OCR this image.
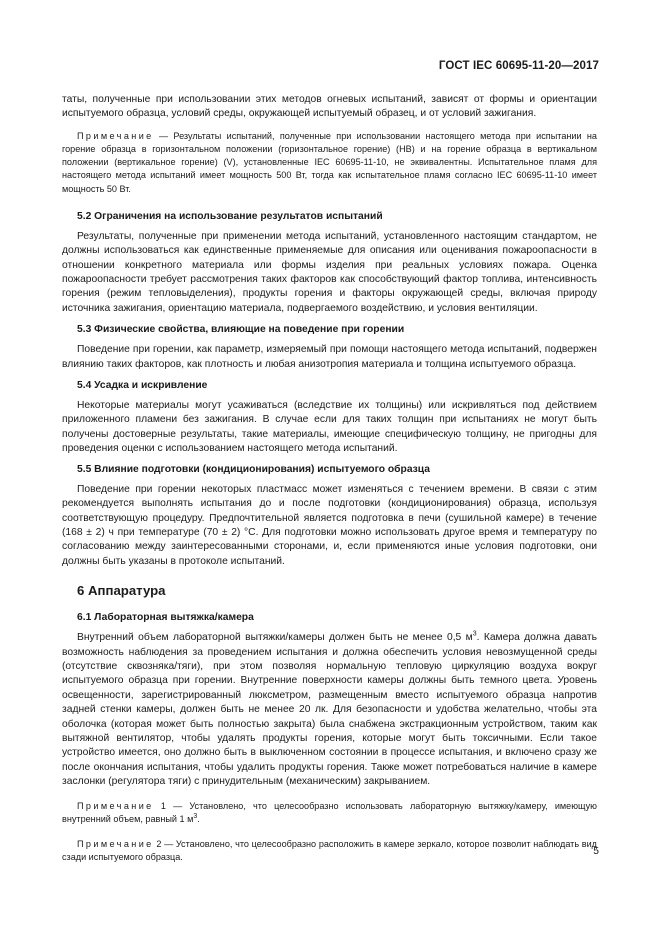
ГОСТ IEC 60695-11-20—2017

таты, полученные при использовании этих методов огневых испытаний, зависят от формы и ориентации испытуемого образца, условий среды, окружающей испытуемый образец, и от условий зажигания.

Примечание — Результаты испытаний, полученные при использовании настоящего метода при испытании на горение образца в горизонтальном положении (горизонтальное горение) (НВ) и на горение образца в вертикальном положении (вертикальное горение) (V), установленные IEC 60695-11-10, не эквивалентны. Испытательное пламя для настоящего метода испытаний имеет мощность 500 Вт, тогда как испытательное пламя согласно IEC 60695-11-10 имеет мощность 50 Вт.

5.2 Ограничения на использование результатов испытаний

Результаты, полученные при применении метода испытаний, установленного настоящим стандартом, не должны использоваться как единственные применяемые для описания или оценивания пожароопасности в отношении конкретного материала или формы изделия при реальных условиях пожара. Оценка пожароопасности требует рассмотрения таких факторов как способствующий фактор топлива, интенсивность горения (режим тепловыделения), продукты горения и факторы окружающей среды, включая природу источника зажигания, ориентацию материала, подвергаемого воздействию, и условия вентиляции.

5.3 Физические свойства, влияющие на поведение при горении

Поведение при горении, как параметр, измеряемый при помощи настоящего метода испытаний, подвержен влиянию таких факторов, как плотность и любая анизотропия материала и толщина испытуемого образца.

5.4 Усадка и искривление

Некоторые материалы могут усаживаться (вследствие их толщины) или искривляться под действием приложенного пламени без зажигания. В случае если для таких толщин при испытаниях не могут быть получены достоверные результаты, такие материалы, имеющие специфическую толщину, не пригодны для проведения оценки с использованием настоящего метода испытаний.

5.5 Влияние подготовки (кондиционирования) испытуемого образца

Поведение при горении некоторых пластмасс может изменяться с течением времени. В связи с этим рекомендуется выполнять испытания до и после подготовки (кондиционирования) образца, используя соответствующую процедуру. Предпочтительной является подготовка в печи (сушильной камере) в течение (168 ± 2) ч при температуре (70 ± 2) °С. Для подготовки можно использовать другое время и температуру по согласованию между заинтересованными сторонами, и, если применяются иные условия подготовки, они должны быть указаны в протоколе испытаний.

6 Аппаратура
6.1 Лабораторная вытяжка/камера

Внутренний объем лабораторной вытяжки/камеры должен быть не менее 0,5 $м^3$. Камера должна давать возможность наблюдения за проведением испытания и должна обеспечить условия невозмущенной среды (отсутствие сквозняка/тяги), при этом позволяя нормальную тепловую циркуляцию воздуха вокруг испытуемого образца при горении. Внутренние поверхности камеры должны быть темного цвета. Уровень освещенности, зарегистрированный люксметром, размещенным вместо испытуемого образца напротив задней стенки камеры, должен быть не менее 20 лк. Для безопасности и удобства желательно, чтобы эта оболочка (которая может быть полностью закрыта) была снабжена экстракционным устройством, таким как вытяжной вентилятор, чтобы удалять продукты горения, которые могут быть токсичными. Если такое устройство имеется, оно должно быть в выключенном состоянии в процессе испытания, и включено сразу же после окончания испытания, чтобы удалить продукты горения. Также может потребоваться наличие в камере заслонки (регулятора тяги) с принудительным (механическим) закрыванием.

Примечание 1 — Установлено, что целесообразно использовать лабораторную вытяжку/камеру, имеющую внутренний объем, равный 1 $м^3$.

Примечание 2 — Установлено, что целесообразно расположить в камере зеркало, которое позволит наблюдать вид сзади испытуемого образца.

5
